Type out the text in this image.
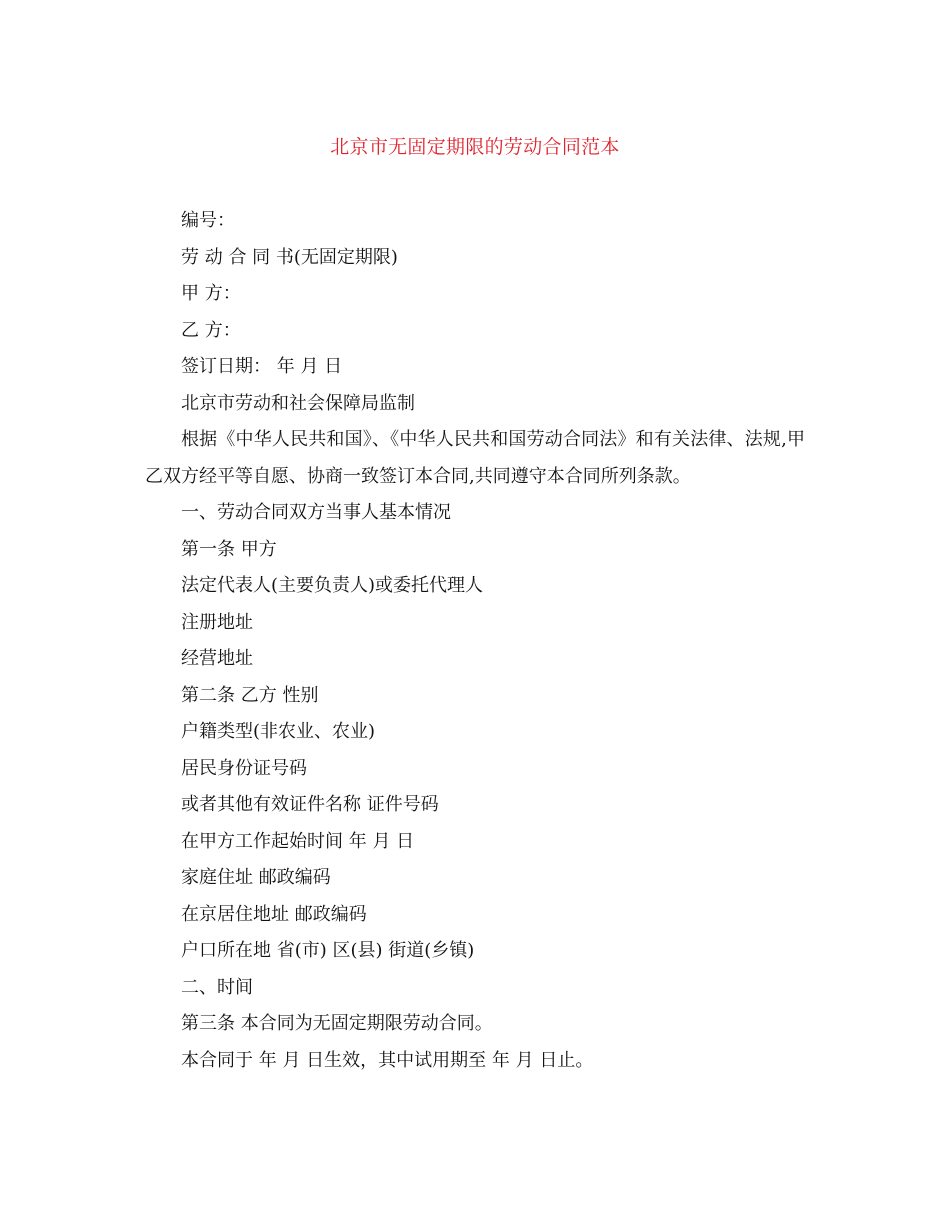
北京市无固定期限的劳动合同范本
编号：
劳 动 合 同 书(无固定期限)
甲 方：
乙 方：
签订日期： 年 月 日
北京市劳动和社会保障局监制
根据《中华人民共和国》、《中华人民共和国劳动合同法》和有关法律、法规,甲乙双方经平等自愿、协商一致签订本合同,共同遵守本合同所列条款。
一、劳动合同双方当事人基本情况
第一条 甲方
法定代表人(主要负责人)或委托代理人
注册地址
经营地址
第二条 乙方 性别
户籍类型(非农业、农业)
居民身份证号码
或者其他有效证件名称 证件号码
在甲方工作起始时间 年 月 日
家庭住址 邮政编码
在京居住地址 邮政编码
户口所在地 省(市) 区(县) 街道(乡镇)
二、时间
第三条 本合同为无固定期限劳动合同。
本合同于 年 月 日生效，其中试用期至 年 月 日止。
